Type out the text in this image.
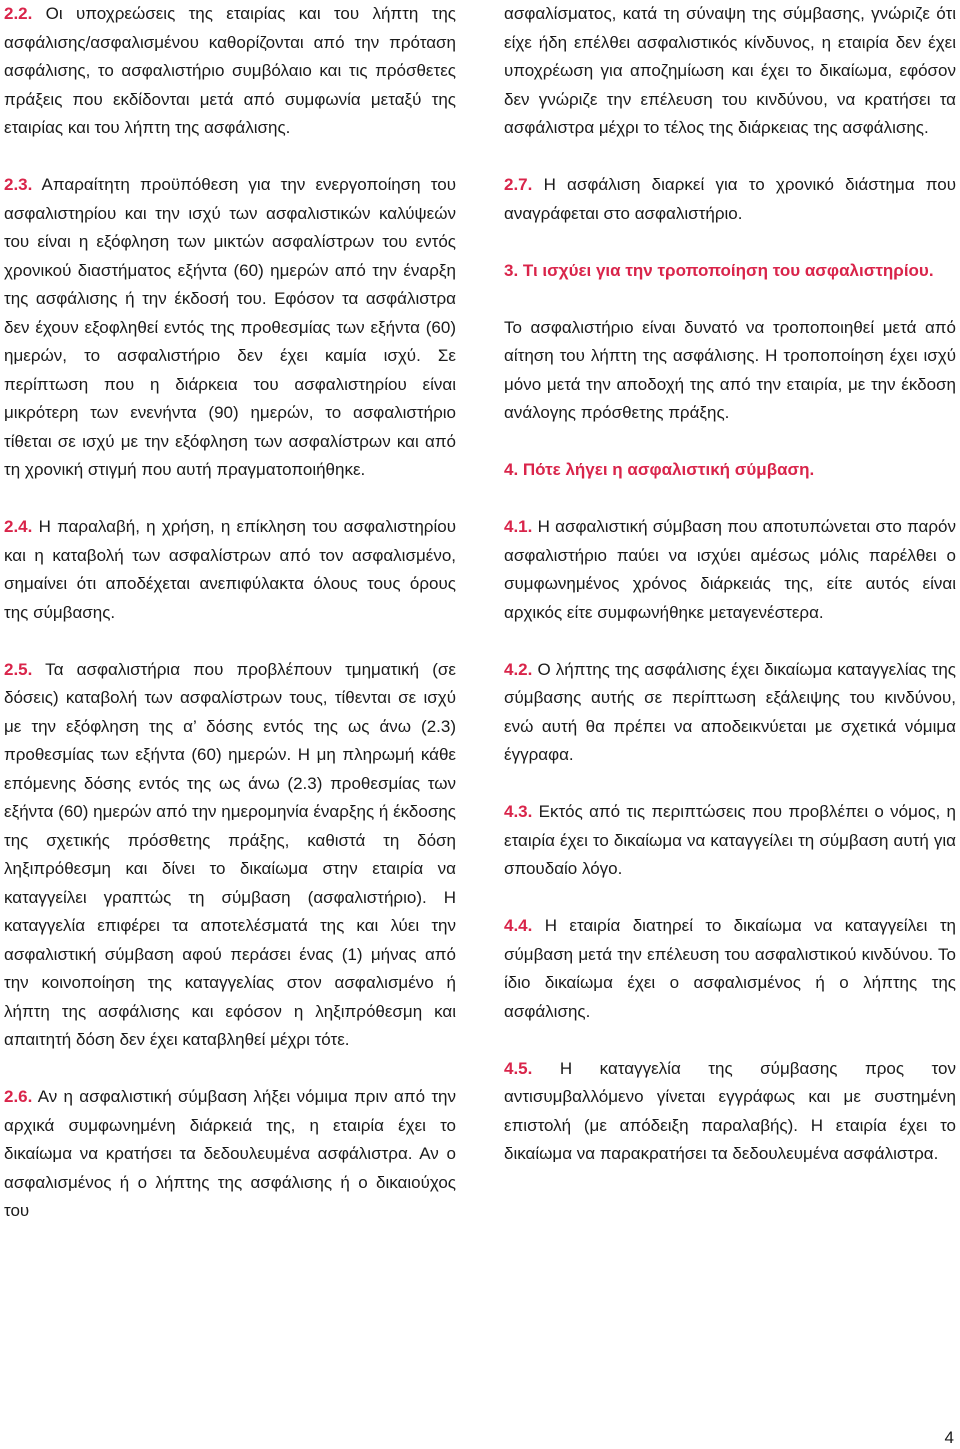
2.2. Οι υποχρεώσεις της εταιρίας και του λήπτη της ασφάλισης/ασφαλισμένου καθορίζονται από την πρόταση ασφάλισης, το ασφαλιστήριο συμβόλαιο και τις πρόσθετες πράξεις που εκδίδονται μετά από συμφωνία μεταξύ της εταιρίας και του λήπτη της ασφάλισης.

2.3. Απαραίτητη προϋπόθεση για την ενεργοποίηση του ασφαλιστηρίου και την ισχύ των ασφαλιστικών καλύψεών του είναι η εξόφληση των μικτών ασφαλίστρων του εντός χρονικού διαστήματος εξήντα (60) ημερών από την έναρξη της ασφάλισης ή την έκδοσή του. Εφόσον τα ασφάλιστρα δεν έχουν εξοφληθεί εντός της προθεσμίας των εξήντα (60) ημερών, το ασφαλιστήριο δεν έχει καμία ισχύ. Σε περίπτωση που η διάρκεια του ασφαλιστηρίου είναι μικρότερη των ενενήντα (90) ημερών, το ασφαλιστήριο τίθεται σε ισχύ με την εξόφληση των ασφαλίστρων και από τη χρονική στιγμή που αυτή πραγματοποιήθηκε.

2.4. Η παραλαβή, η χρήση, η επίκληση του ασφαλιστηρίου και η καταβολή των ασφαλίστρων από τον ασφαλισμένο, σημαίνει ότι αποδέχεται ανεπιφύλακτα όλους τους όρους της σύμβασης.

2.5. Τα ασφαλιστήρια που προβλέπουν τμηματική (σε δόσεις) καταβολή των ασφαλίστρων τους, τίθενται σε ισχύ με την εξόφληση της α’ δόσης εντός της ως άνω (2.3) προθεσμίας των εξήντα (60) ημερών. Η μη πληρωμή κάθε επόμενης δόσης εντός της ως άνω (2.3) προθεσμίας των εξήντα (60) ημερών από την ημερομηνία έναρξης ή έκδοσης της σχετικής πρόσθετης πράξης, καθιστά τη δόση ληξιπρόθεσμη και δίνει το δικαίωμα στην εταιρία να καταγγείλει γραπτώς τη σύμβαση (ασφαλιστήριο). Η καταγγελία επιφέρει τα αποτελέσματά της και λύει την ασφαλιστική σύμβαση αφού περάσει ένας (1) μήνας από την κοινοποίηση της καταγγελίας στον ασφαλισμένο ή λήπτη της ασφάλισης και εφόσον η ληξιπρόθεσμη και απαιτητή δόση δεν έχει καταβληθεί μέχρι τότε.

2.6. Αν η ασφαλιστική σύμβαση λήξει νόμιμα πριν από την αρχικά συμφωνημένη διάρκειά της, η εταιρία έχει το δικαίωμα να κρατήσει τα δεδουλευμένα ασφάλιστρα. Αν ο ασφαλισμένος ή ο λήπτης της ασφάλισης ή ο δικαιούχος του

ασφαλίσματος, κατά τη σύναψη της σύμβασης, γνώριζε ότι είχε ήδη επέλθει ασφαλιστικός κίνδυνος, η εταιρία δεν έχει υποχρέωση για αποζημίωση και έχει το δικαίωμα, εφόσον δεν γνώριζε την επέλευση του κινδύνου, να κρατήσει τα ασφάλιστρα μέχρι το τέλος της διάρκειας της ασφάλισης.

2.7. Η ασφάλιση διαρκεί για το χρονικό διάστημα που αναγράφεται στο ασφαλιστήριο.

3. Τι ισχύει για την τροποποίηση του ασφαλιστηρίου.

Το ασφαλιστήριο είναι δυνατό να τροποποιηθεί μετά από αίτηση του λήπτη της ασφάλισης. Η τροποποίηση έχει ισχύ μόνο μετά την αποδοχή της από την εταιρία, με την έκδοση ανάλογης πρόσθετης πράξης.

4. Πότε λήγει η ασφαλιστική σύμβαση.

4.1. Η ασφαλιστική σύμβαση που αποτυπώνεται στο παρόν ασφαλιστήριο παύει να ισχύει αμέσως μόλις παρέλθει ο συμφωνημένος χρόνος διάρκειάς της, είτε αυτός είναι αρχικός είτε συμφωνήθηκε μεταγενέστερα.

4.2. Ο λήπτης της ασφάλισης έχει δικαίωμα καταγγελίας της σύμβασης αυτής σε περίπτωση εξάλειψης του κινδύνου, ενώ αυτή θα πρέπει να αποδεικνύεται με σχετικά νόμιμα έγγραφα.

4.3. Εκτός από τις περιπτώσεις που προβλέπει ο νόμος, η εταιρία έχει το δικαίωμα να καταγγείλει τη σύμβαση αυτή για σπουδαίο λόγο.

4.4. Η εταιρία διατηρεί το δικαίωμα να καταγγείλει τη σύμβαση μετά την επέλευση του ασφαλιστικού κινδύνου. Το ίδιο δικαίωμα έχει ο ασφαλισμένος ή ο λήπτης της ασφάλισης.

4.5. Η καταγγελία της σύμβασης προς τον αντισυμβαλλόμενο γίνεται εγγράφως και με συστημένη επιστολή (με απόδειξη παραλαβής). Η εταιρία έχει το δικαίωμα να παρακρατήσει τα δεδουλευμένα ασφάλιστρα.

4
